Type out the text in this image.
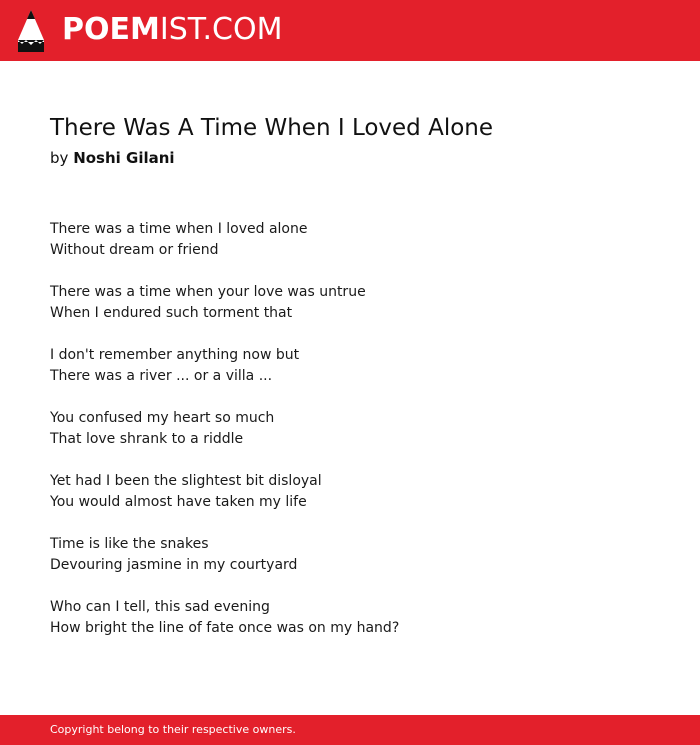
POEMIST.COM
There Was A Time When I Loved Alone
by Noshi Gilani
There was a time when I loved alone
Without dream or friend
There was a time when your love was untrue
When I endured such torment that
I don't remember anything now but
There was a river ... or a villa ...
You confused my heart so much
That love shrank to a riddle
Yet had I been the slightest bit disloyal
You would almost have taken my life
Time is like the snakes
Devouring jasmine in my courtyard
Who can I tell, this sad evening
How bright the line of fate once was on my hand?
Copyright belong to their respective owners.
